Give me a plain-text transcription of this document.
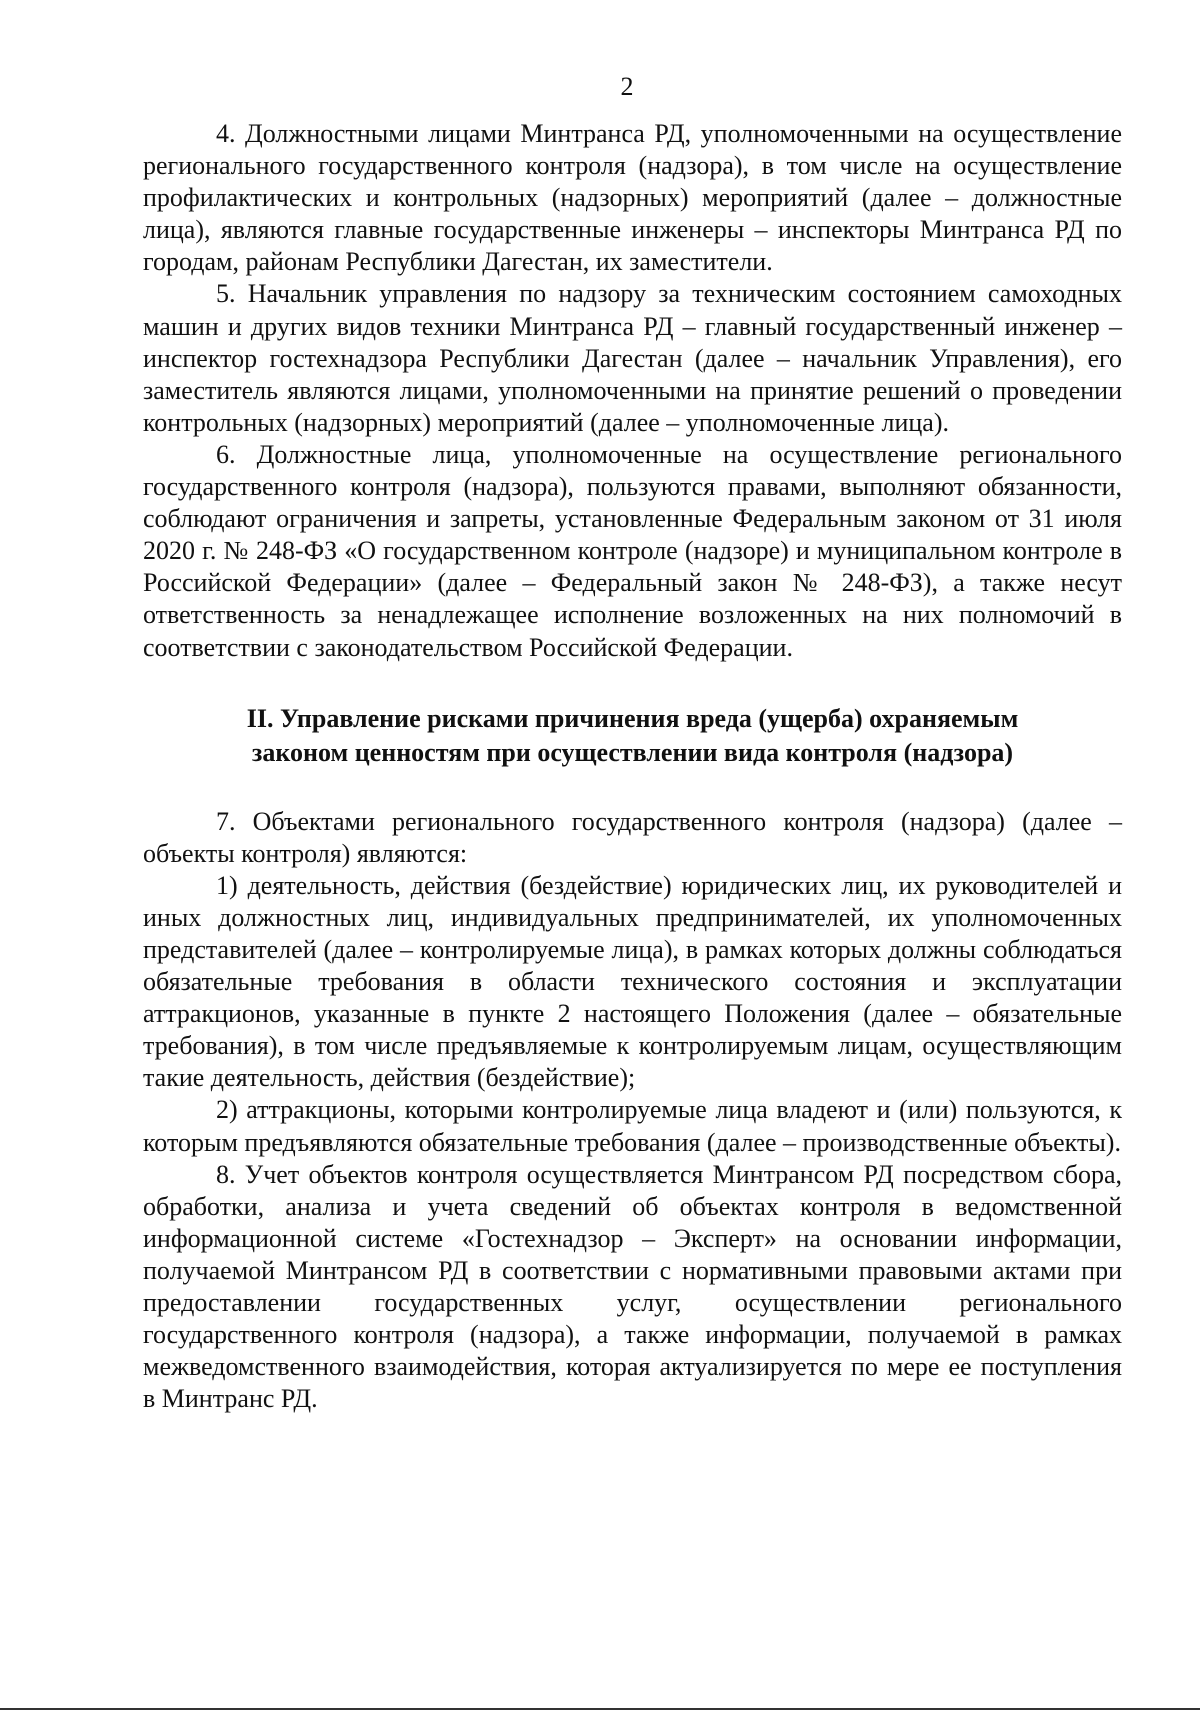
2

4. Должностными лицами Минтранса РД, уполномоченными на осуществление регионального государственного контроля (надзора), в том числе на осуществление профилактических и контрольных (надзорных) мероприятий (далее – должностные лица), являются главные государственные инженеры – инспекторы Минтранса РД по городам, районам Республики Дагестан, их заместители.

5. Начальник управления по надзору за техническим состоянием самоходных машин и других видов техники Минтранса РД – главный государственный инженер – инспектор гостехнадзора Республики Дагестан (далее – начальник Управления), его заместитель являются лицами, уполномоченными на принятие решений о проведении контрольных (надзорных) мероприятий (далее – уполномоченные лица).

6. Должностные лица, уполномоченные на осуществление регионального государственного контроля (надзора), пользуются правами, выполняют обязанности, соблюдают ограничения и запреты, установленные Федеральным законом от 31 июля 2020 г. № 248-ФЗ «О государственном контроле (надзоре) и муниципальном контроле в Российской Федерации» (далее – Федеральный закон № 248-ФЗ), а также несут ответственность за ненадлежащее исполнение возложенных на них полномочий в соответствии с законодательством Российской Федерации.

II. Управление рисками причинения вреда (ущерба) охраняемым
законом ценностям при осуществлении вида контроля (надзора)

7. Объектами регионального государственного контроля (надзора) (далее – объекты контроля) являются:

1) деятельность, действия (бездействие) юридических лиц, их руководителей и иных должностных лиц, индивидуальных предпринимателей, их уполномоченных представителей (далее – контролируемые лица), в рамках которых должны соблюдаться обязательные требования в области технического состояния и эксплуатации аттракционов, указанные в пункте 2 настоящего Положения (далее – обязательные требования), в том числе предъявляемые к контролируемым лицам, осуществляющим такие деятельность, действия (бездействие);

2) аттракционы, которыми контролируемые лица владеют и (или) пользуются, к которым предъявляются обязательные требования (далее – производственные объекты).

8. Учет объектов контроля осуществляется Минтрансом РД посредством сбора, обработки, анализа и учета сведений об объектах контроля в ведомственной информационной системе «Гостехнадзор – Эксперт» на основании информации, получаемой Минтрансом РД в соответствии с нормативными правовыми актами при предоставлении государственных услуг, осуществлении регионального государственного контроля (надзора), а также информации, получаемой в рамках межведомственного взаимодействия, которая актуализируется по мере ее поступления в Минтранс РД.
